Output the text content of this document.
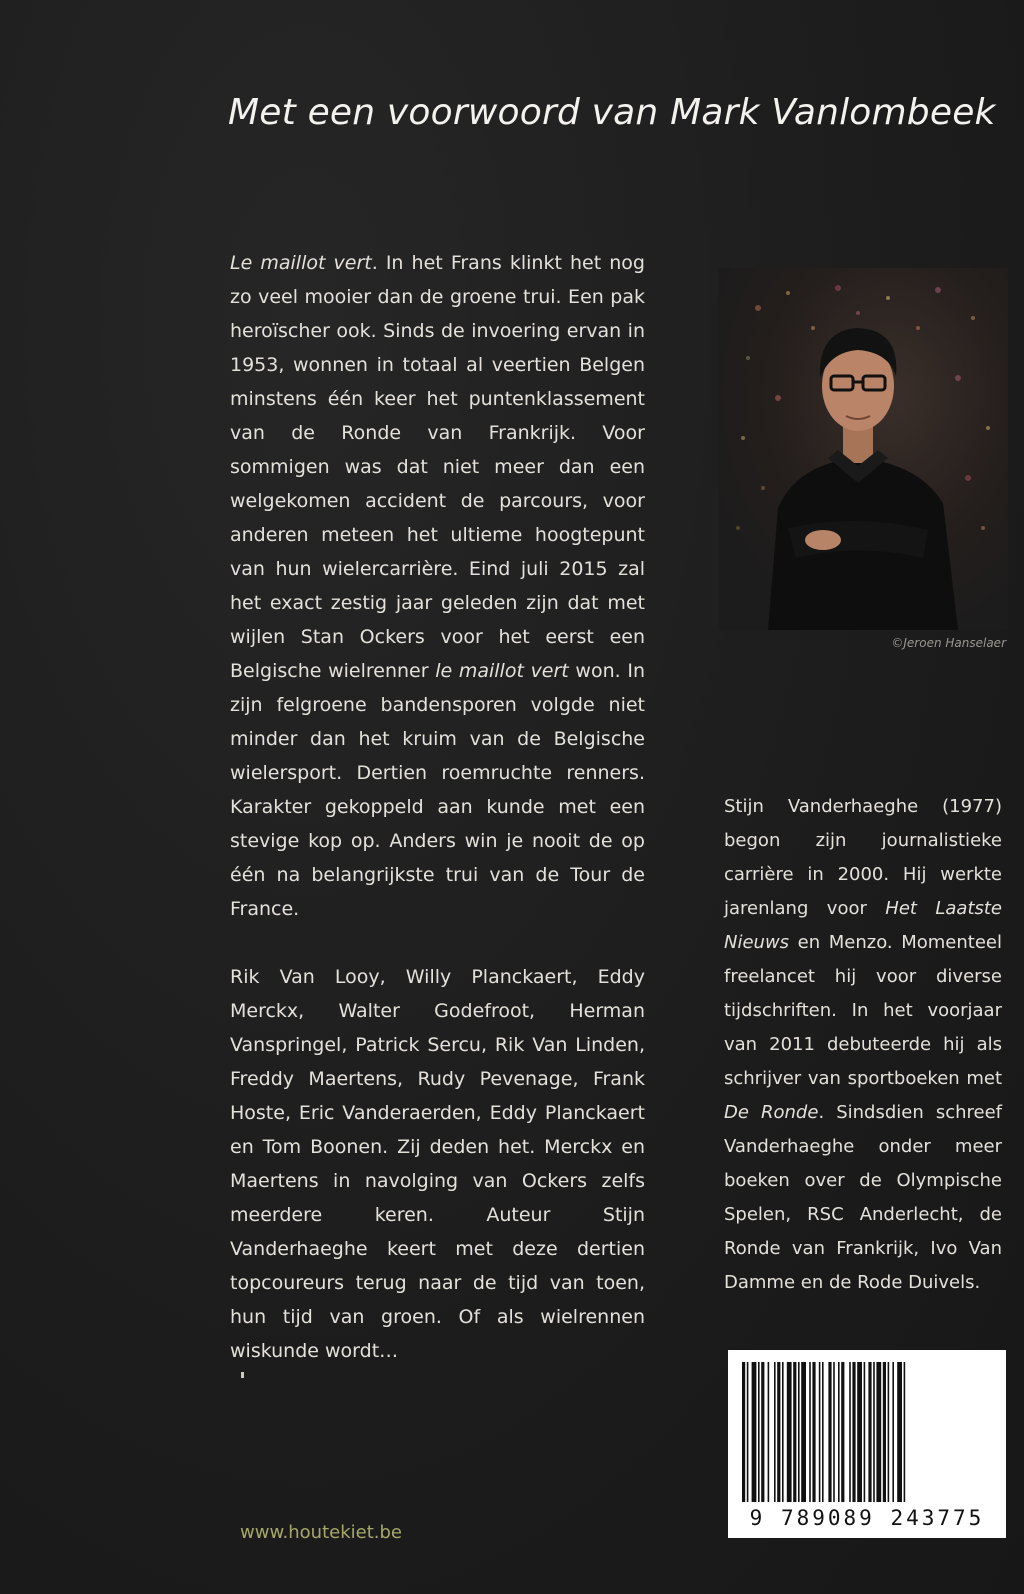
Met een voorwoord van Mark Vanlombeek

Le maillot vert. In het Frans klinkt het nog zo veel mooier dan de groene trui. Een pak heroïscher ook. Sinds de invoering ervan in 1953, wonnen in totaal al veertien Belgen minstens één keer het puntenklassement van de Ronde van Frankrijk. Voor sommigen was dat niet meer dan een welgekomen accident de parcours, voor anderen meteen het ultieme hoogtepunt van hun wielercarrière. Eind juli 2015 zal het exact zestig jaar geleden zijn dat met wijlen Stan Ockers voor het eerst een Belgische wielrenner le maillot vert won. In zijn felgroene bandensporen volgde niet minder dan het kruim van de Belgische wielersport. Dertien roemruchte renners. Karakter gekoppeld aan kunde met een stevige kop op. Anders win je nooit de op één na belangrijkste trui van de Tour de France.

Rik Van Looy, Willy Planckaert, Eddy Merckx, Walter Godefroot, Herman Vanspringel, Patrick Sercu, Rik Van Linden, Freddy Maertens, Rudy Pevenage, Frank Hoste, Eric Vanderaerden, Eddy Planckaert en Tom Boonen. Zij deden het. Merckx en Maertens in navolging van Ockers zelfs meerdere keren. Auteur Stijn Vanderhaeghe keert met deze dertien topcoureurs terug naar de tijd van toen, hun tijd van groen. Of als wielrennen wiskunde wordt…

©Jeroen Hanselaer

Stijn Vanderhaeghe (1977) begon zijn journalistieke carrière in 2000. Hij werkte jarenlang voor Het Laatste Nieuws en Menzo. Momenteel freelancet hij voor diverse tijdschriften. In het voorjaar van 2011 debuteerde hij als schrijver van sportboeken met De Ronde. Sindsdien schreef Vanderhaeghe onder meer boeken over de Olympische Spelen, RSC Anderlecht, de Ronde van Frankrijk, Ivo Van Damme en de Rode Duivels.

9 789089 243775
www.houtekiet.be
